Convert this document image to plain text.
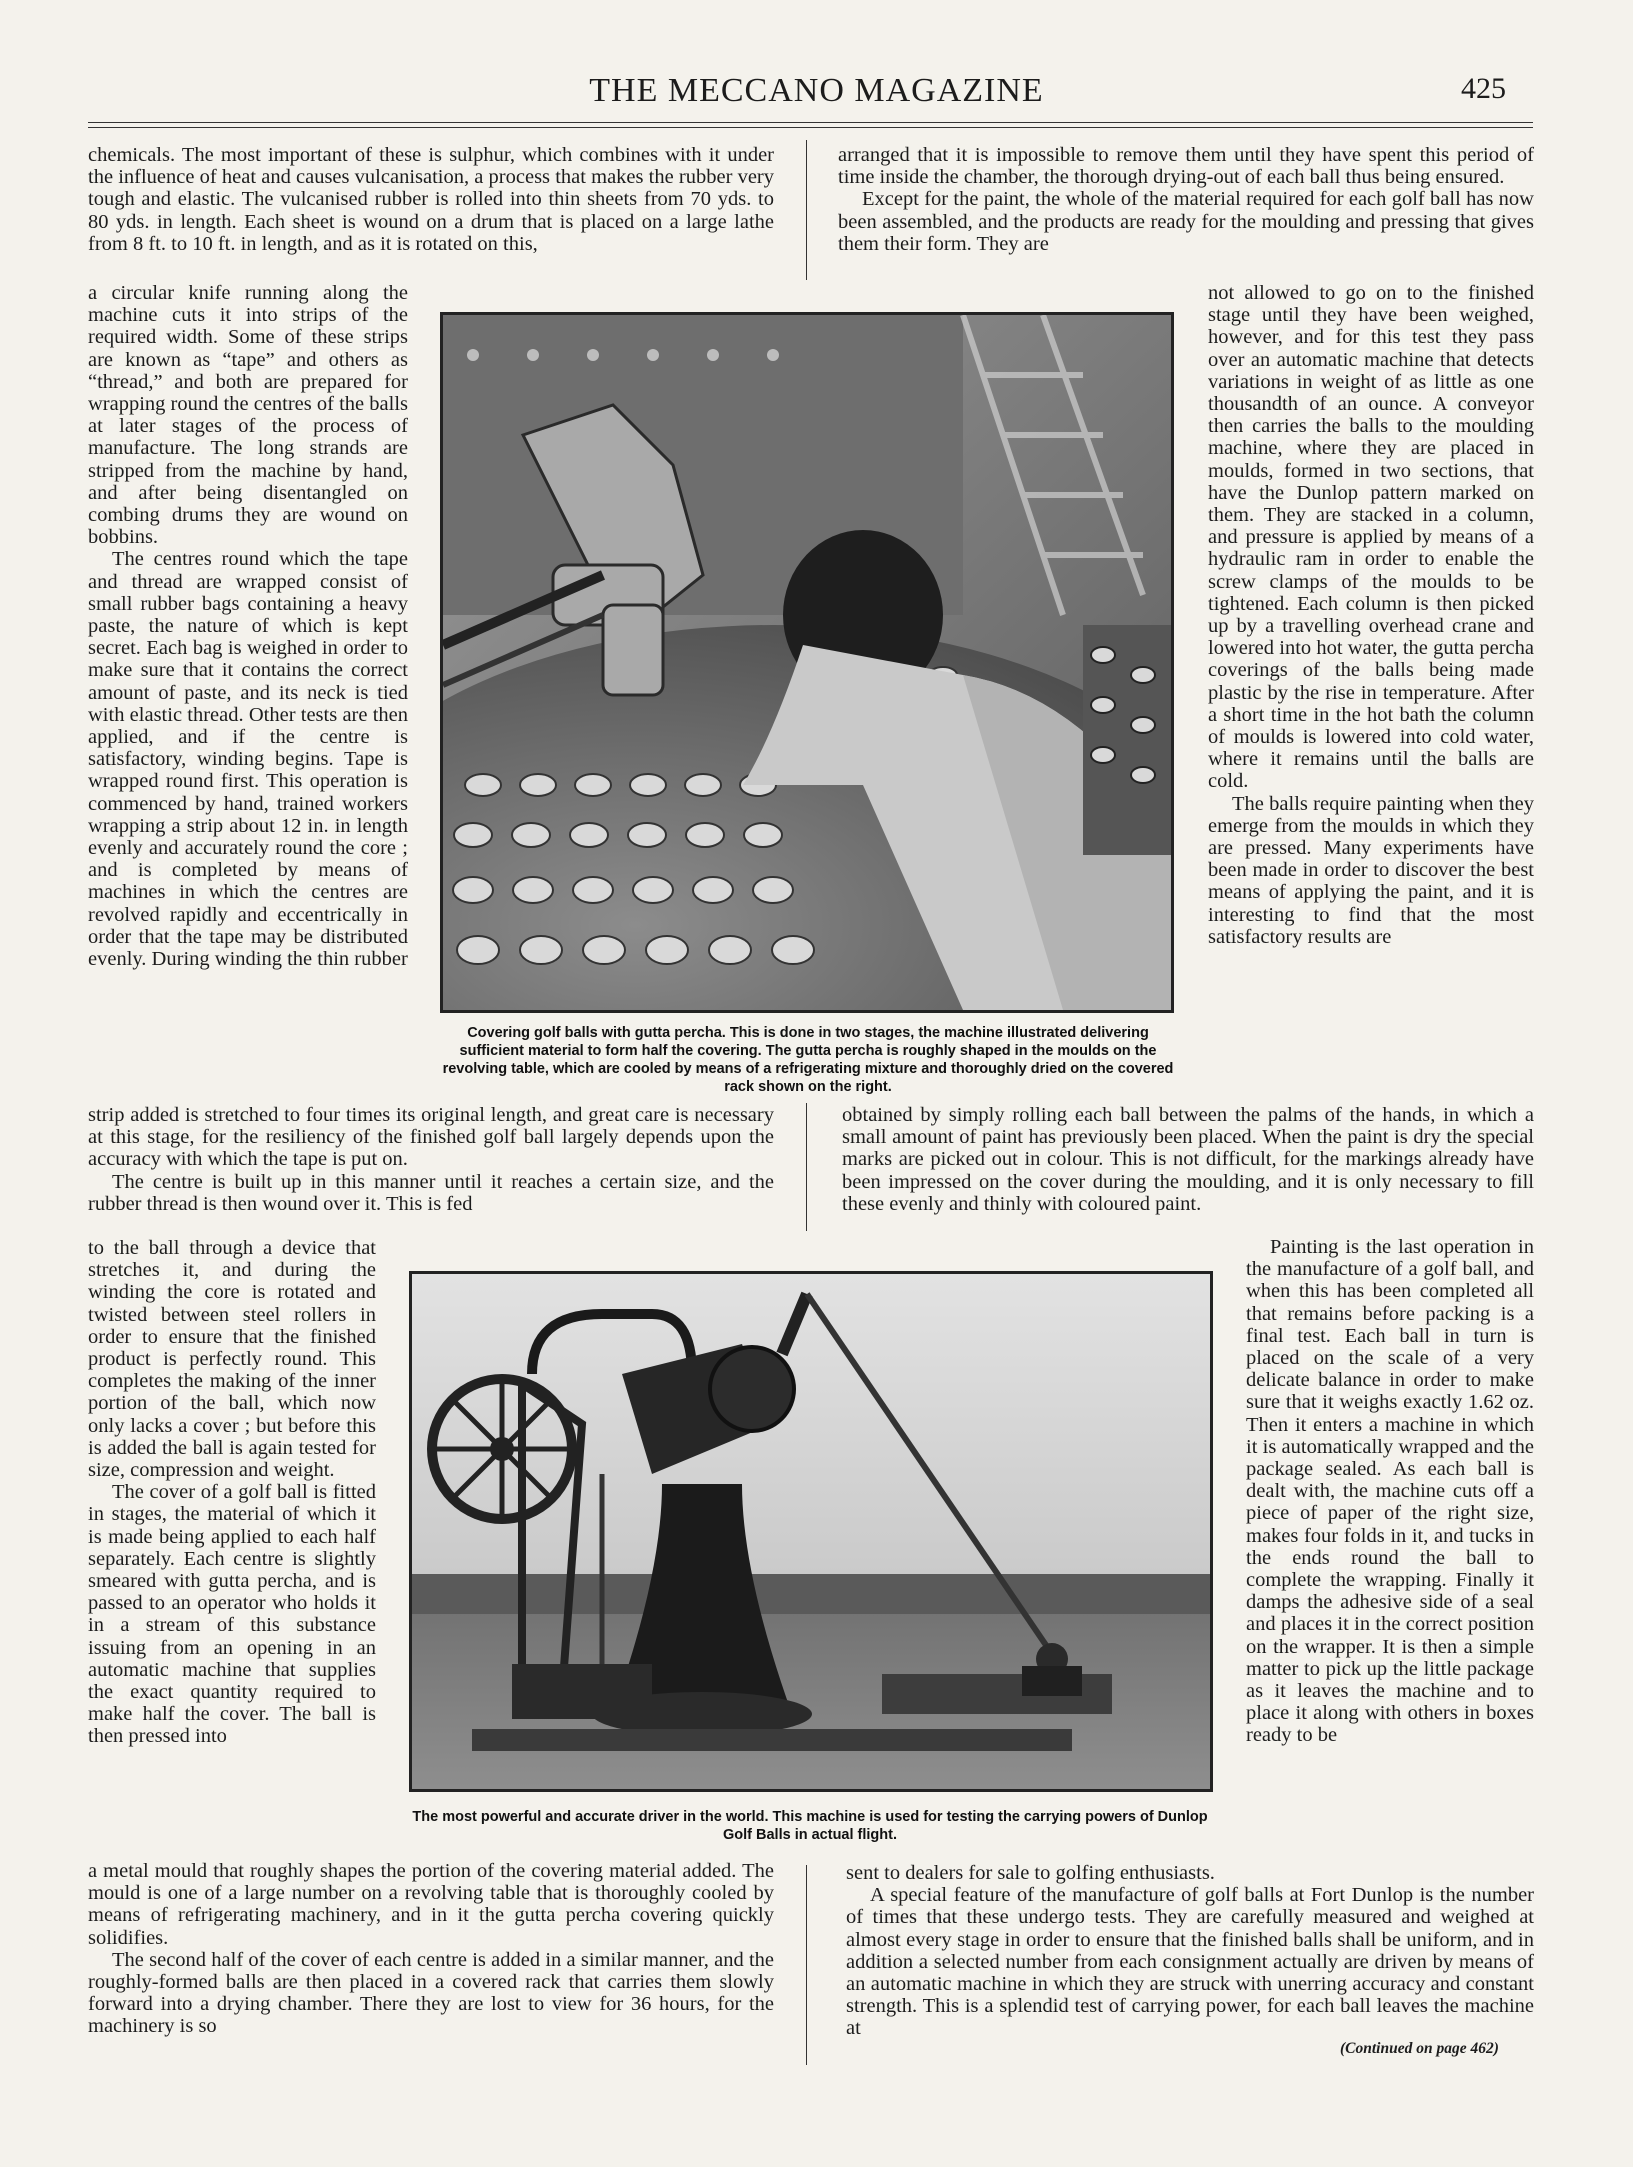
THE MECCANO MAGAZINE	425

chemicals. The most important of these is sulphur, which combines with it under the influence of heat and causes vulcanisation, a process that makes the rubber very tough and elastic. The vulcanised rubber is rolled into thin sheets from 70 yds. to 80 yds. in length. Each sheet is wound on a drum that is placed on a large lathe from 8 ft. to 10 ft. in length, and as it is rotated on this,

a circular knife running along the machine cuts it into strips of the required width. Some of these strips are known as “tape” and others as “thread,” and both are prepared for wrapping round the centres of the balls at later stages of the process of manufacture. The long strands are stripped from the machine by hand, and after being disentangled on combing drums they are wound on bobbins.

The centres round which the tape and thread are wrapped consist of small rubber bags containing a heavy paste, the nature of which is kept secret. Each bag is weighed in order to make sure that it contains the correct amount of paste, and its neck is tied with elastic thread. Other tests are then applied, and if the centre is satisfactory, winding begins. Tape is wrapped round first. This operation is commenced by hand, trained workers wrapping a strip about 12 in. in length evenly and accurately round the core ; and is completed by means of machines in which the centres are revolved rapidly and eccentrically in order that the tape may be distributed evenly. During winding the thin rubber

Covering golf balls with gutta percha. This is done in two stages, the machine illustrated delivering sufficient material to form half the covering. The gutta percha is roughly shaped in the moulds on the revolving table, which are cooled by means of a refrigerating mixture and thoroughly dried on the covered rack shown on the right.

strip added is stretched to four times its original length, and great care is necessary at this stage, for the resiliency of the finished golf ball largely depends upon the accuracy with which the tape is put on.

The centre is built up in this manner until it reaches a certain size, and the rubber thread is then wound over it. This is fed

to the ball through a device that stretches it, and during the winding the core is rotated and twisted between steel rollers in order to ensure that the finished product is perfectly round. This completes the making of the inner portion of the ball, which now only lacks a cover ; but before this is added the ball is again tested for size, compression and weight.

The cover of a golf ball is fitted in stages, the material of which it is made being applied to each half separately. Each centre is slightly smeared with gutta percha, and is passed to an operator who holds it in a stream of this substance issuing from an opening in an automatic machine that supplies the exact quantity required to make half the cover. The ball is then pressed into

The most powerful and accurate driver in the world. This machine is used for testing the carrying powers of Dunlop Golf Balls in actual flight.

a metal mould that roughly shapes the portion of the covering material added. The mould is one of a large number on a revolving table that is thoroughly cooled by means of refrigerating machinery, and in it the gutta percha covering quickly solidifies.

The second half of the cover of each centre is added in a similar manner, and the roughly-formed balls are then placed in a covered rack that carries them slowly forward into a drying chamber. There they are lost to view for 36 hours, for the machinery is so

arranged that it is impossible to remove them until they have spent this period of time inside the chamber, the thorough drying-out of each ball thus being ensured.

Except for the paint, the whole of the material required for each golf ball has now been assembled, and the products are ready for the moulding and pressing that gives them their form. They are

not allowed to go on to the finished stage until they have been weighed, however, and for this test they pass over an automatic machine that detects variations in weight of as little as one thousandth of an ounce. A conveyor then carries the balls to the moulding machine, where they are placed in moulds, formed in two sections, that have the Dunlop pattern marked on them. They are stacked in a column, and pressure is applied by means of a hydraulic ram in order to enable the screw clamps of the moulds to be tightened. Each column is then picked up by a travelling overhead crane and lowered into hot water, the gutta percha coverings of the balls being made plastic by the rise in temperature. After a short time in the hot bath the column of moulds is lowered into cold water, where it remains until the balls are cold.

The balls require painting when they emerge from the moulds in which they are pressed. Many experiments have been made in order to discover the best means of applying the paint, and it is interesting to find that the most satisfactory results are

obtained by simply rolling each ball between the palms of the hands, in which a small amount of paint has previously been placed. When the paint is dry the special marks are picked out in colour. This is not difficult, for the markings already have been impressed on the cover during the moulding, and it is only necessary to fill these evenly and thinly with coloured paint.

Painting is the last operation in the manufacture of a golf ball, and when this has been completed all that remains before packing is a final test. Each ball in turn is placed on the scale of a very delicate balance in order to make sure that it weighs exactly 1.62 oz. Then it enters a machine in which it is automatically wrapped and the package sealed. As each ball is dealt with, the machine cuts off a piece of paper of the right size, makes four folds in it, and tucks in the ends round the ball to complete the wrapping. Finally it damps the adhesive side of a seal and places it in the correct position on the wrapper. It is then a simple matter to pick up the little package as it leaves the machine and to place it along with others in boxes ready to be

sent to dealers for sale to golfing enthusiasts.

A special feature of the manufacture of golf balls at Fort Dunlop is the number of times that these undergo tests. They are carefully measured and weighed at almost every stage in order to ensure that the finished balls shall be uniform, and in addition a selected number from each consignment actually are driven by means of an automatic machine in which they are struck with unerring accuracy and constant strength. This is a splendid test of carrying power, for each ball leaves the machine at

(Continued on page 462)
